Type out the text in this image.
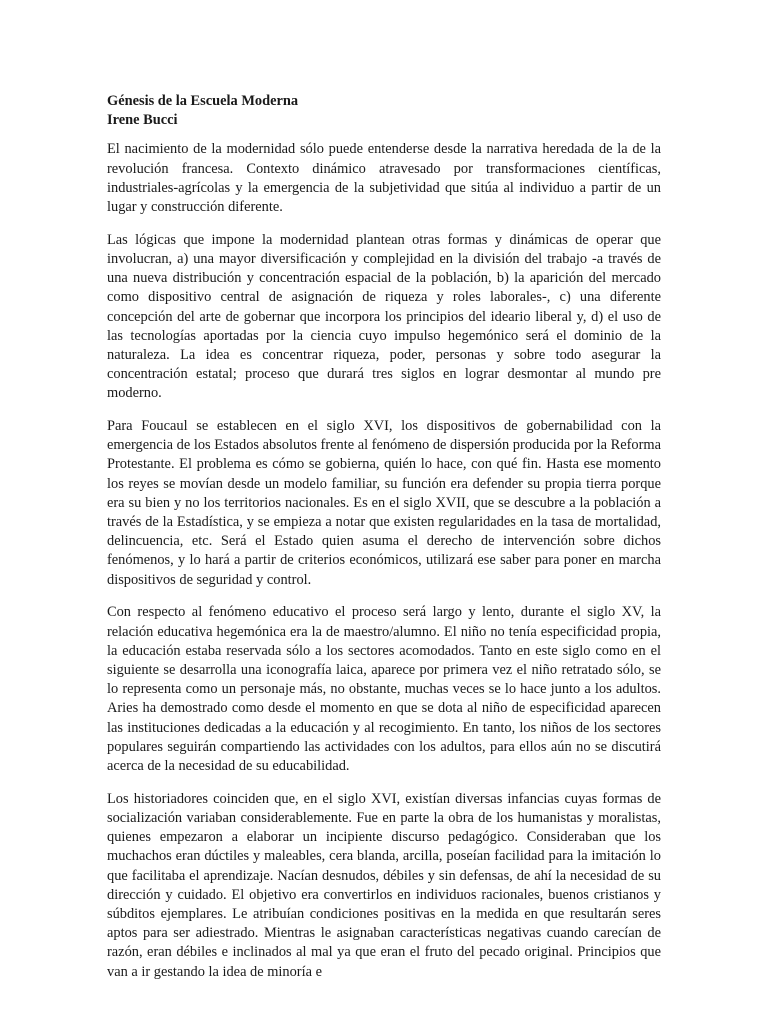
Génesis de la Escuela Moderna
Irene Bucci

El nacimiento de la modernidad sólo puede entenderse desde la narrativa heredada de la de la revolución francesa. Contexto dinámico atravesado por transformaciones científicas, industriales-agrícolas y la emergencia de la subjetividad que sitúa al individuo a partir de un lugar y construcción diferente.

Las lógicas que impone la modernidad plantean otras formas y dinámicas de operar que involucran, a) una mayor diversificación y complejidad en la división del trabajo -a través de una nueva distribución y concentración espacial de la población, b) la aparición del mercado como dispositivo central de asignación de riqueza y roles laborales-, c) una diferente concepción del arte de gobernar que incorpora los principios del ideario liberal y, d) el uso de las tecnologías aportadas por la ciencia cuyo impulso hegemónico será el dominio de la naturaleza. La idea es concentrar riqueza, poder, personas y sobre todo asegurar la concentración estatal; proceso que durará tres siglos en lograr desmontar al mundo pre moderno.

Para Foucaul se establecen en el siglo XVI, los dispositivos de gobernabilidad con la emergencia de los Estados absolutos frente al fenómeno de dispersión producida por la Reforma Protestante. El problema es cómo se gobierna, quién lo hace, con qué fin. Hasta ese momento los reyes se movían desde un modelo familiar, su función era defender su propia tierra porque era su bien y no los territorios nacionales. Es en el siglo XVII, que se descubre a la población a través de la Estadística, y se empieza a notar que existen regularidades en la tasa de mortalidad, delincuencia, etc. Será el Estado quien asuma el derecho de intervención sobre dichos fenómenos, y lo hará a partir de criterios económicos, utilizará ese saber para poner en marcha dispositivos de seguridad y control.

Con respecto al fenómeno educativo el proceso será largo y lento, durante el siglo XV, la relación educativa hegemónica era la de maestro/alumno. El niño no tenía especificidad propia, la educación estaba reservada sólo a los sectores acomodados. Tanto en este siglo como en el siguiente se desarrolla una iconografía laica, aparece por primera vez el niño retratado sólo, se lo representa como un personaje más, no obstante, muchas veces se lo hace junto a los adultos. Aries ha demostrado como desde el momento en que se dota al niño de especificidad aparecen las instituciones dedicadas a la educación y al recogimiento. En tanto, los niños de los sectores populares seguirán compartiendo las actividades con los adultos, para ellos aún no se discutirá acerca de la necesidad de su educabilidad.

Los historiadores coinciden que, en el siglo XVI, existían diversas infancias cuyas formas de socialización variaban considerablemente. Fue en parte la obra de los humanistas y moralistas, quienes empezaron a elaborar un incipiente discurso pedagógico. Consideraban que los muchachos eran dúctiles y maleables, cera blanda, arcilla, poseían facilidad para la imitación lo que facilitaba el aprendizaje. Nacían desnudos, débiles y sin defensas, de ahí la necesidad de su dirección y cuidado. El objetivo era convertirlos en individuos racionales, buenos cristianos y súbditos ejemplares. Le atribuían condiciones positivas en la medida en que resultarán seres aptos para ser adiestrado. Mientras le asignaban características negativas cuando carecían de razón, eran débiles e inclinados al mal ya que eran el fruto del pecado original. Principios que van a ir gestando la idea de minoría e
